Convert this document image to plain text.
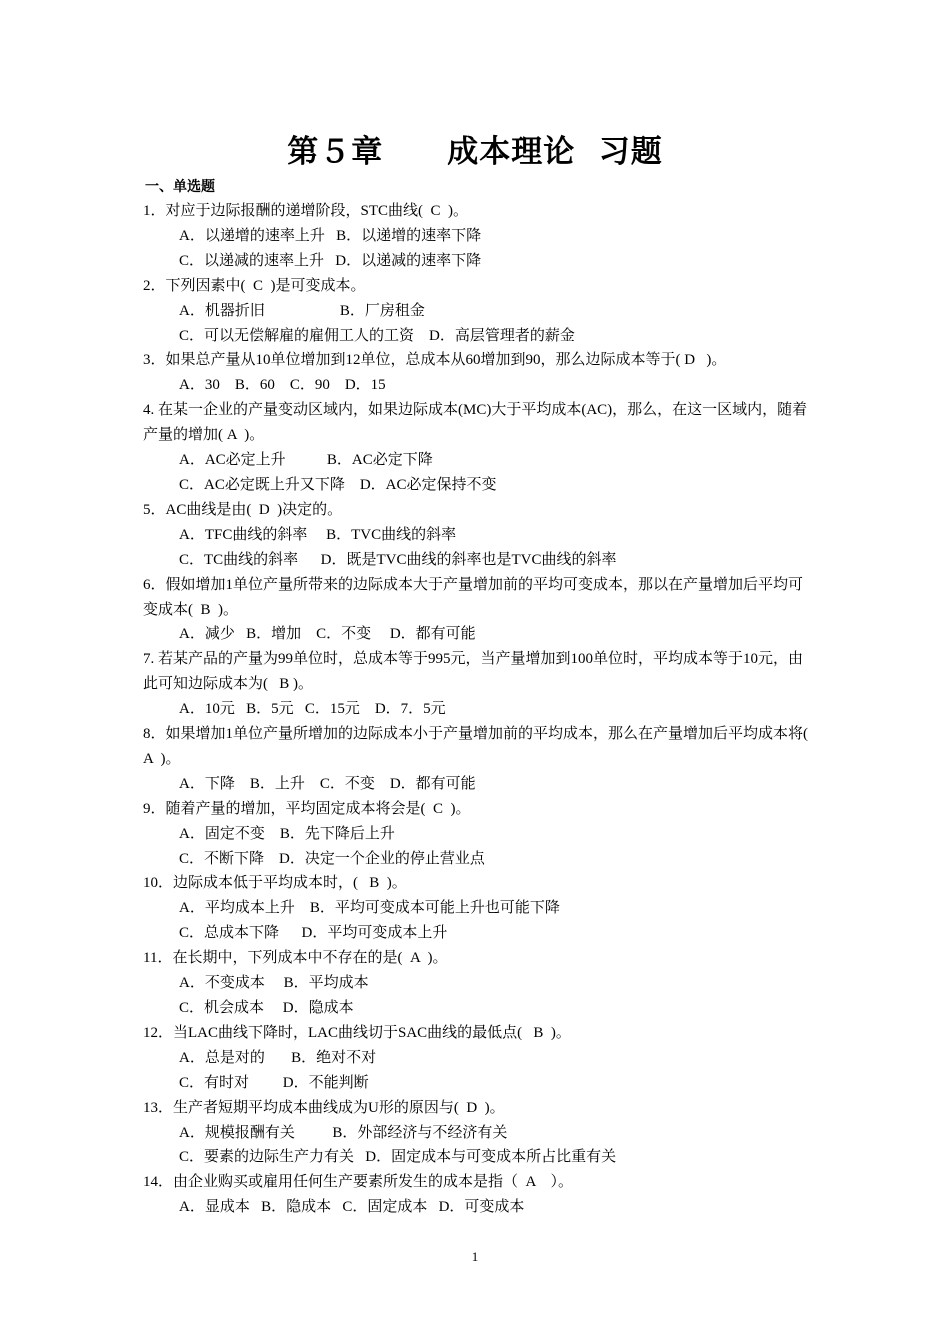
第５章　　成本理论  习题
一、单选题
1．对应于边际报酬的递增阶段，STC曲线(  C  )。
A．以递增的速率上升   B．以递增的速率下降
C．以递减的速率上升   D．以递减的速率下降
2．下列因素中(  C  )是可变成本。
A．机器折旧                    B．厂房租金
C．可以无偿解雇的雇佣工人的工资    D．高层管理者的薪金
3．如果总产量从10单位增加到12单位，总成本从60增加到90，那么边际成本等于( D   )。
A．30    B．60    C．90    D．15
4. 在某一企业的产量变动区域内，如果边际成本(MC)大于平均成本(AC)，那么，在这一区域内，随着产量的增加( A  )。
A．AC必定上升           B．AC必定下降
C．AC必定既上升又下降    D．AC必定保持不变
5．AC曲线是由(  D  )决定的。
A．TFC曲线的斜率     B．TVC曲线的斜率
C．TC曲线的斜率      D．既是TVC曲线的斜率也是TVC曲线的斜率
6．假如增加1单位产量所带来的边际成本大于产量增加前的平均可变成本，那以在产量增加后平均可变成本(  B  )。
A．减少   B．增加    C．不变     D．都有可能
7. 若某产品的产量为99单位时，总成本等于995元，当产量增加到100单位时，平均成本等于10元，由此可知边际成本为(   B )。
A．10元   B．5元   C．15元    D．7．5元
8．如果增加1单位产量所增加的边际成本小于产量增加前的平均成本，那么在产量增加后平均成本将(  A  )。
A．下降    B．上升    C．不变    D．都有可能
9．随着产量的增加，平均固定成本将会是(  C  )。
A．固定不变    B．先下降后上升
C．不断下降    D．决定一个企业的停止营业点
10．边际成本低于平均成本时，(   B  )。
A．平均成本上升    B．平均可变成本可能上升也可能下降
C．总成本下降      D．平均可变成本上升
11．在长期中，下列成本中不存在的是(  A  )。
A．不变成本     B．平均成本
C．机会成本     D．隐成本
12．当LAC曲线下降时，LAC曲线切于SAC曲线的最低点(   B  )。
A．总是对的       B．绝对不对
C．有时对         D．不能判断
13．生产者短期平均成本曲线成为U形的原因与(  D  )。
A．规模报酬有关          B．外部经济与不经济有关
C．要素的边际生产力有关   D．固定成本与可变成本所占比重有关
14．由企业购买或雇用任何生产要素所发生的成本是指（  A    ）。
A．显成本   B．隐成本   C．固定成本   D．可变成本
1
